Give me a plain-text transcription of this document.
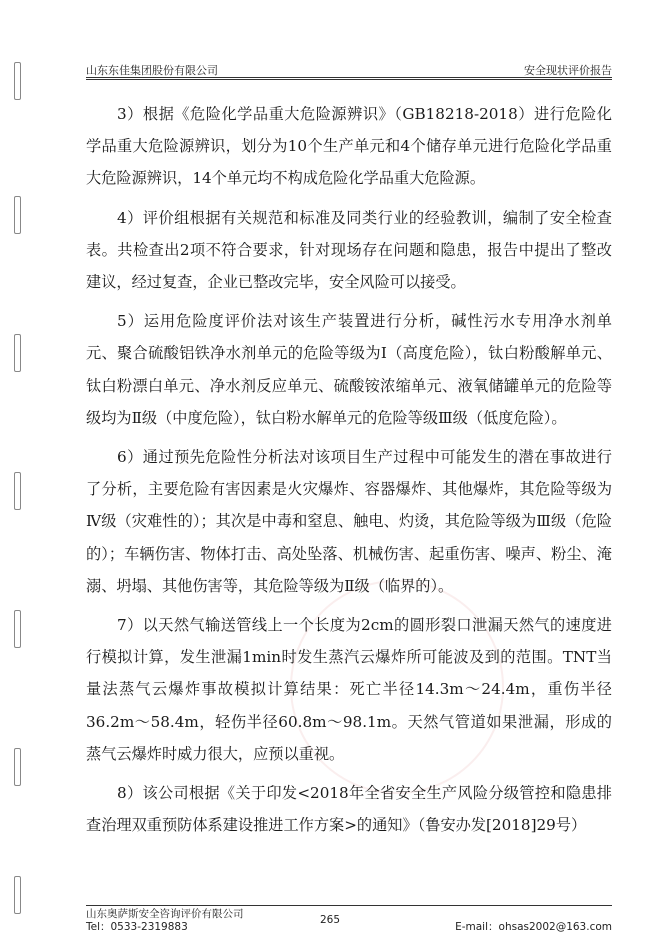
山东东佳集团股份有限公司	安全现状评价报告

3）根据《危险化学品重大危险源辨识》（GB18218-2018）进行危险化学品重大危险源辨识，划分为10个生产单元和4个储存单元进行危险化学品重大危险源辨识，14个单元均不构成危险化学品重大危险源。

4）评价组根据有关规范和标准及同类行业的经验教训，编制了安全检查表。共检查出2项不符合要求，针对现场存在问题和隐患，报告中提出了整改建议，经过复查，企业已整改完毕，安全风险可以接受。

5）运用危险度评价法对该生产装置进行分析，碱性污水专用净水剂单元、聚合硫酸铝铁净水剂单元的危险等级为Ⅰ（高度危险），钛白粉酸解单元、钛白粉漂白单元、净水剂反应单元、硫酸铵浓缩单元、液氧储罐单元的危险等级均为Ⅱ级（中度危险），钛白粉水解单元的危险等级Ⅲ级（低度危险）。

6）通过预先危险性分析法对该项目生产过程中可能发生的潜在事故进行了分析，主要危险有害因素是火灾爆炸、容器爆炸、其他爆炸，其危险等级为Ⅳ级（灾难性的）；其次是中毒和窒息、触电、灼烫，其危险等级为Ⅲ级（危险的）；车辆伤害、物体打击、高处坠落、机械伤害、起重伤害、噪声、粉尘、淹溺、坍塌、其他伤害等，其危险等级为Ⅱ级（临界的）。

7）以天然气输送管线上一个长度为2cm的圆形裂口泄漏天然气的速度进行模拟计算，发生泄漏1min时发生蒸汽云爆炸所可能波及到的范围。TNT当量法蒸气云爆炸事故模拟计算结果：死亡半径14.3m～24.4m，重伤半径36.2m～58.4m，轻伤半径60.8m～98.1m。天然气管道如果泄漏，形成的蒸气云爆炸时威力很大，应预以重视。

8）该公司根据《关于印发<2018年全省安全生产风险分级管控和隐患排查治理双重预防体系建设推进工作方案>的通知》（鲁安办发[2018]29号）

山东奥萨斯安全咨询评价有限公司
Tel：0533-2319883
265
E-mail：ohsas2002@163.com
